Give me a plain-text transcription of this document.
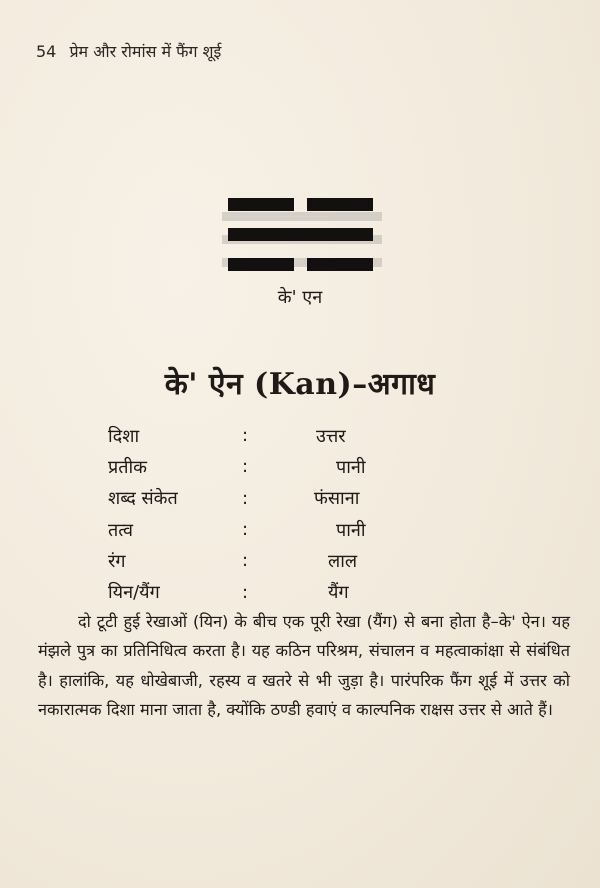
54 प्रेम और रोमांस में फैंग शूई
के' एन
के' ऐन (Kan)–अगाध
दिशा	:	उत्तर
प्रतीक	:	पानी
शब्द संकेत	:	फंसाना
तत्व	:	पानी
रंग	:	लाल
यिन/यैंग	:	यैंग

दो टूटी हुई रेखाओं (यिन) के बीच एक पूरी रेखा (यैंग) से बना होता है–के' ऐन। यह मंझले पुत्र का प्रतिनिधित्व करता है। यह कठिन परिश्रम, संचालन व महत्वाकांक्षा से संबंधित है। हालांकि, यह धोखेबाजी, रहस्य व खतरे से भी जुड़ा है। पारंपरिक फैंग शूई में उत्तर को नकारात्मक दिशा माना जाता है, क्योंकि ठण्डी हवाएं व काल्पनिक राक्षस उत्तर से आते हैं।
